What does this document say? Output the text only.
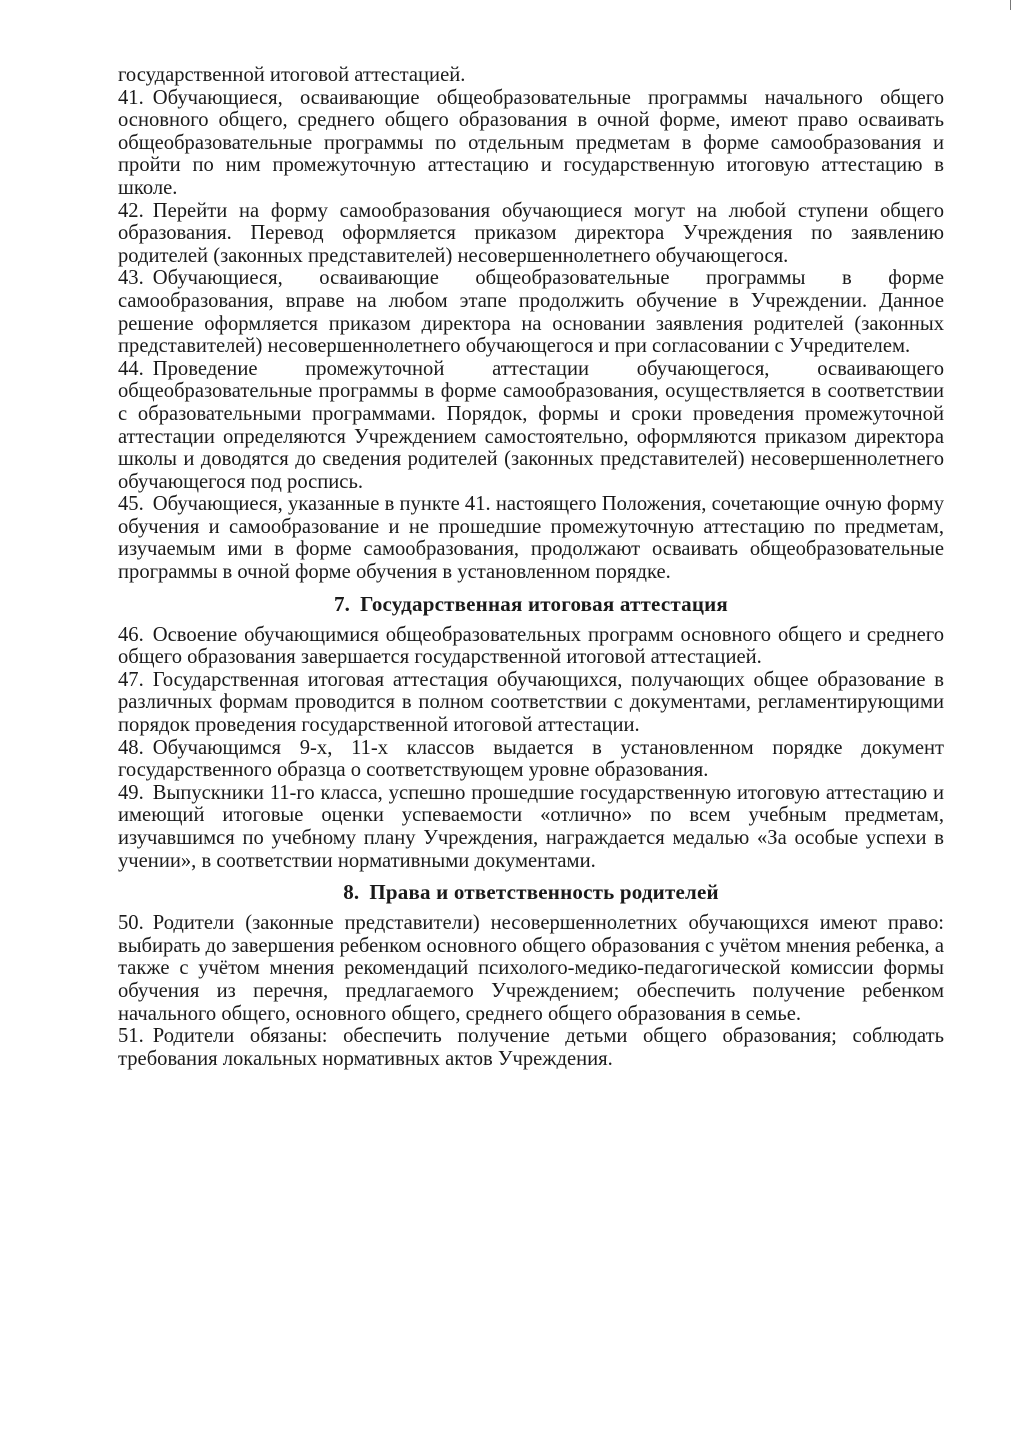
государственной итоговой аттестацией.

41. Обучающиеся, осваивающие общеобразовательные программы начального общего основного общего, среднего общего образования в очной форме, имеют право осваивать общеобразовательные программы по отдельным предметам в форме самообразования и пройти по ним промежуточную аттестацию и государственную итоговую аттестацию в школе.

42. Перейти на форму самообразования обучающиеся могут на любой ступени общего образования. Перевод оформляется приказом директора Учреждения по заявлению родителей (законных представителей) несовершеннолетнего обучающегося.

43. Обучающиеся, осваивающие общеобразовательные программы в форме самообразования, вправе на любом этапе продолжить обучение в Учреждении. Данное решение оформляется приказом директора на основании заявления родителей (законных представителей) несовершеннолетнего обучающегося и при согласовании с Учредителем.

44. Проведение промежуточной аттестации обучающегося, осваивающего общеобразовательные программы в форме самообразования, осуществляется в соответствии с образовательными программами. Порядок, формы и сроки проведения промежуточной аттестации определяются Учреждением самостоятельно, оформляются приказом директора школы и доводятся до сведения родителей (законных представителей) несовершеннолетнего обучающегося под роспись.

45. Обучающиеся, указанные в пункте 41. настоящего Положения, сочетающие очную форму обучения и самообразование и не прошедшие промежуточную аттестацию по предметам, изучаемым ими в форме самообразования, продолжают осваивать общеобразовательные программы в очной форме обучения в установленном порядке.

7. Государственная итоговая аттестация

46. Освоение обучающимися общеобразовательных программ основного общего и среднего общего образования завершается государственной итоговой аттестацией.

47. Государственная итоговая аттестация обучающихся, получающих общее образование в различных формам проводится в полном соответствии с документами, регламентирующими порядок проведения государственной итоговой аттестации.

48. Обучающимся 9-х, 11-х классов выдается в установленном порядке документ государственного образца о соответствующем уровне образования.

49. Выпускники 11-го класса, успешно прошедшие государственную итоговую аттестацию и имеющий итоговые оценки успеваемости «отлично» по всем учебным предметам, изучавшимся по учебному плану Учреждения, награждается медалью «За особые успехи в учении», в соответствии нормативными документами.

8. Права и ответственность родителей

50. Родители (законные представители) несовершеннолетних обучающихся имеют право: выбирать до завершения ребенком основного общего образования с учётом мнения ребенка, а также с учётом мнения рекомендаций психолого-медико-педагогической комиссии формы обучения из перечня, предлагаемого Учреждением; обеспечить получение ребенком начального общего, основного общего, среднего общего образования в семье.

51. Родители обязаны: обеспечить получение детьми общего образования; соблюдать требования локальных нормативных актов Учреждения.
